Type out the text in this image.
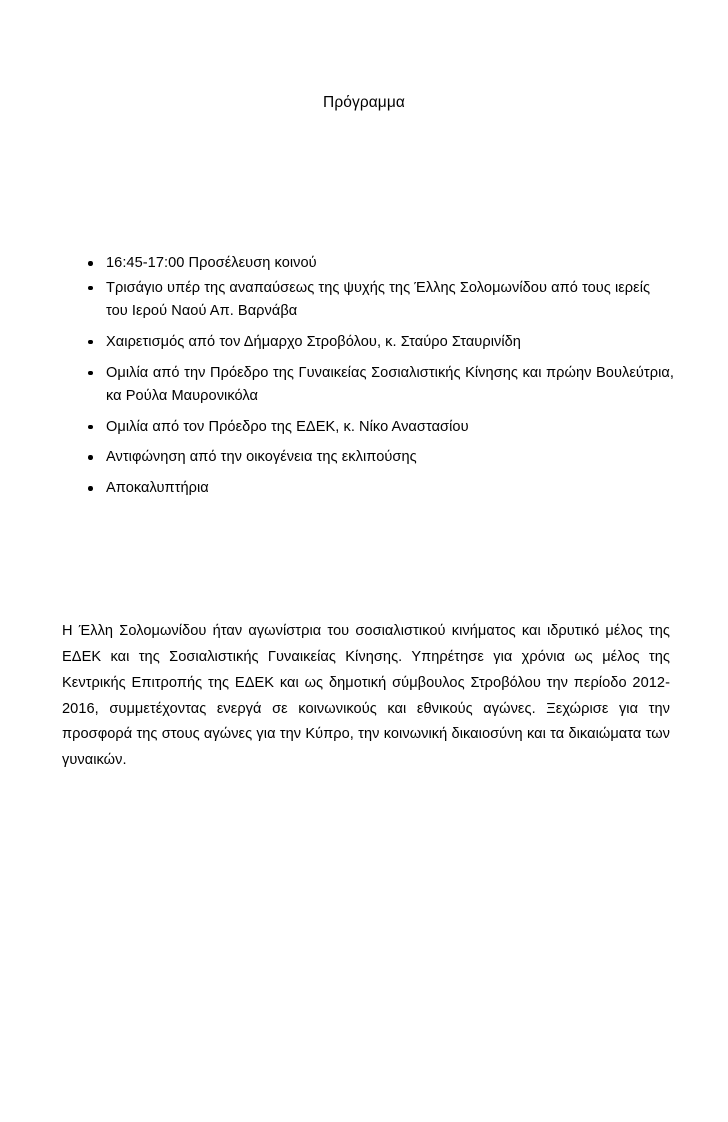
Πρόγραμμα
16:45-17:00 Προσέλευση κοινού
Τρισάγιο υπέρ της αναπαύσεως της ψυχής της Έλλης Σολομωνίδου από τους ιερείς του Ιερού Ναού Απ. Βαρνάβα
Χαιρετισμός από τον Δήμαρχο Στροβόλου, κ. Σταύρο Σταυρινίδη
Ομιλία από την Πρόεδρο της Γυναικείας Σοσιαλιστικής Κίνησης και πρώην Βουλεύτρια, κα Ρούλα Μαυρονικόλα
Ομιλία από τον Πρόεδρο της ΕΔΕΚ, κ. Νίκο Αναστασίου
Αντιφώνηση από την οικογένεια της εκλιπούσης
Αποκαλυπτήρια

Η Έλλη Σολομωνίδου ήταν αγωνίστρια του σοσιαλιστικού κινήματος και ιδρυτικό μέλος της ΕΔΕΚ και της Σοσιαλιστικής Γυναικείας Κίνησης. Υπηρέτησε για χρόνια ως μέλος της Κεντρικής Επιτροπής της ΕΔΕΚ και ως δημοτική σύμβουλος Στροβόλου την περίοδο 2012-2016, συμμετέχοντας ενεργά σε κοινωνικούς και εθνικούς αγώνες. Ξεχώρισε για την προσφορά της στους αγώνες για την Κύπρο, την κοινωνική δικαιοσύνη και τα δικαιώματα των γυναικών.
